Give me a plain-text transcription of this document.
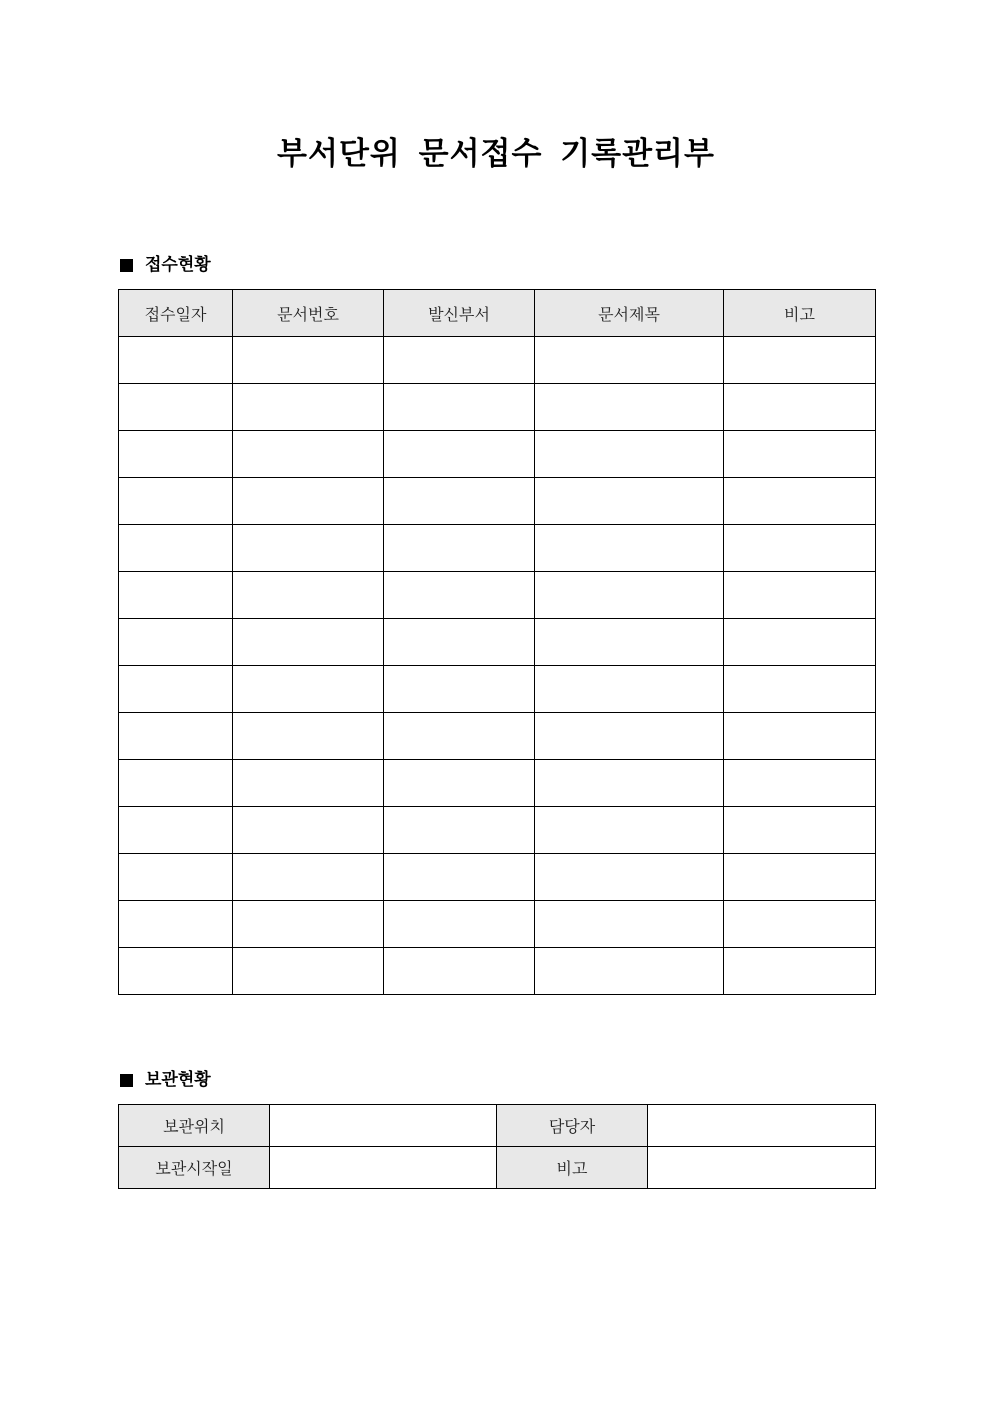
부서단위 문서접수 기록관리부
접수현황
접수일자	문서번호	발신부서	문서제목	비고

보관현황
보관위치		담당자	
보관시작일		비고	
